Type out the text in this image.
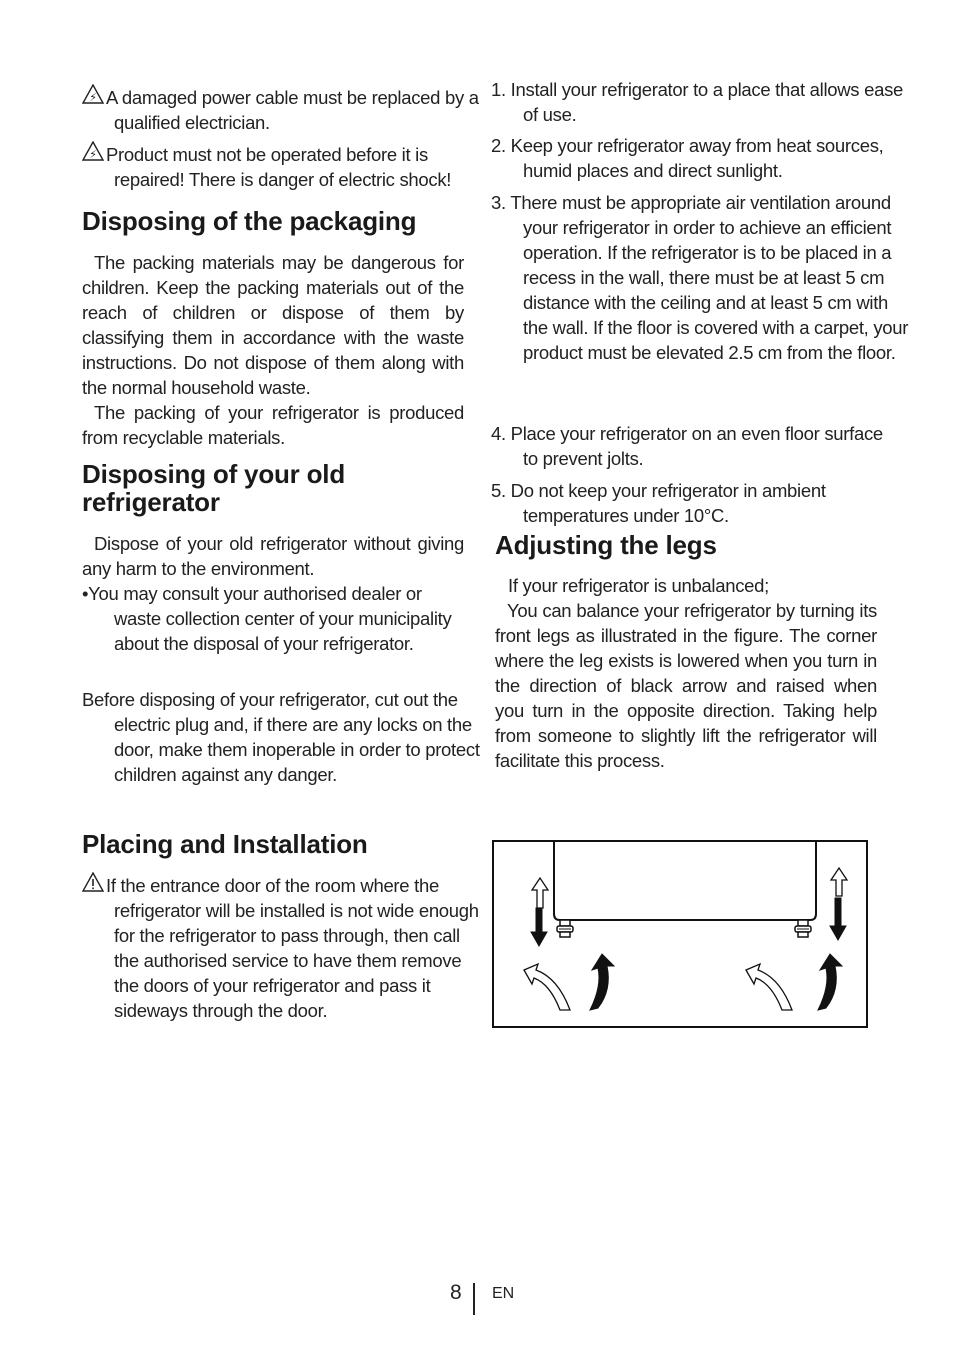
⚡ A damaged power cable must be replaced by a qualified electrician.

⚡ Product must not be operated before it is repaired! There is danger of electric shock!

Disposing of the packaging

The packing materials may be dangerous for children. Keep the packing materials out of the reach of children or dispose of them by classifying them in accordance with the waste instructions. Do not dispose of them along with the normal household waste.

The packing of your refrigerator is produced from recyclable materials.

Disposing of your old
refrigerator

Dispose of your old refrigerator without giving any harm to the environment.

•You may consult your authorised dealer or waste collection center of your municipality about the disposal of your refrigerator.

Before disposing of your refrigerator, cut out the electric plug and, if there are any locks on the door, make them inoperable in order to protect children against any danger.

Placing and Installation

If the entrance door of the room where the refrigerator will be installed is not wide enough for the refrigerator to pass through, then call the authorised service to have them remove the doors of your refrigerator and pass it sideways through the door.

1. Install your refrigerator to a place that allows ease of use.
2. Keep your refrigerator away from heat sources, humid places and direct sunlight.
3. There must be appropriate air ventilation around your refrigerator in order to achieve an efficient operation. If the refrigerator is to be placed in a recess in the wall, there must be at least 5 cm distance with the ceiling and at least 5 cm with the wall. If the floor is covered with a carpet, your product must be elevated 2.5 cm from the floor.
4. Place your refrigerator on an even floor surface to prevent jolts.
5. Do not keep your refrigerator in ambient temperatures under 10°C.
Adjusting the legs

If your refrigerator is unbalanced;

You can balance your refrigerator by turning its front legs as illustrated in the figure. The corner where the leg exists is lowered when you turn in the direction of black arrow and raised when you turn in the opposite direction. Taking help from someone to slightly lift the refrigerator will facilitate this process.

8 EN
